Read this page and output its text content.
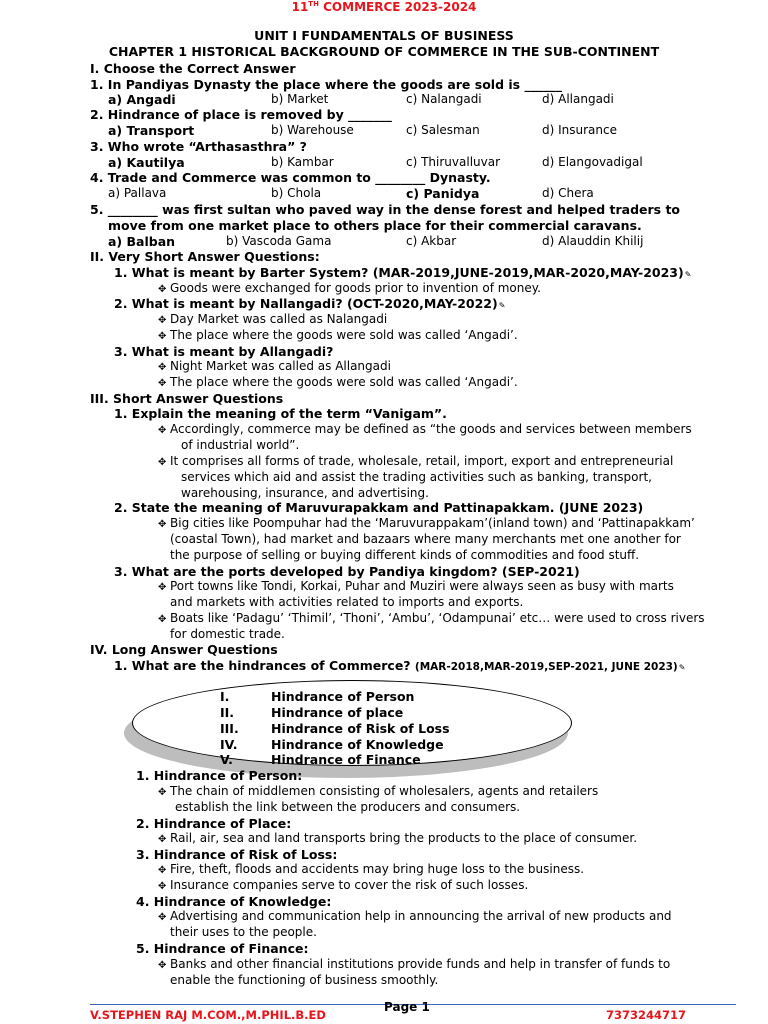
11TH COMMERCE 2023-2024
UNIT I FUNDAMENTALS OF BUSINESS
CHAPTER 1 HISTORICAL BACKGROUND OF COMMERCE IN THE SUB-CONTINENT
I. Choose the Correct Answer
1. In Pandiyas Dynasty the place where the goods are sold is ______
a) Angadi	b) Market	c) Nalangadi	d) Allangadi
2. Hindrance of place is removed by _______
a) Transport	b) Warehouse	c) Salesman	d) Insurance
3. Who wrote “Arthasasthra” ?
a) Kautilya	b) Kambar	c) Thiruvalluvar	d) Elangovadigal
4. Trade and Commerce was common to ________ Dynasty.
a) Pallava	b) Chola	c) Panidya	d) Chera
5. ________ was first sultan who paved way in the dense forest and helped traders to
move from one market place to others place for their commercial caravans.
a) Balban	b) Vascoda Gama	c) Akbar	d) Alauddin Khilij
II. Very Short Answer Questions:
1. What is meant by Barter System? (MAR-2019,JUNE-2019,MAR-2020,MAY-2023)✎
✥ Goods were exchanged for goods prior to invention of money.
2. What is meant by Nallangadi? (OCT-2020,MAY-2022)✎
✥ Day Market was called as Nalangadi
✥ The place where the goods were sold was called ‘Angadi’.
3. What is meant by Allangadi?
✥ Night Market was called as Allangadi
✥ The place where the goods were sold was called ‘Angadi’.
III. Short Answer Questions
1. Explain the meaning of the term “Vanigam”.
✥ Accordingly, commerce may be defined as “the goods and services between members
of industrial world”.
✥ It comprises all forms of trade, wholesale, retail, import, export and entrepreneurial
services which aid and assist the trading activities such as banking, transport,
warehousing, insurance, and advertising.
2. State the meaning of Maruvurapakkam and Pattinapakkam. (JUNE 2023)
✥ Big cities like Poompuhar had the ‘Maruvurappakam’(inland town) and ‘Pattinapakkam’
(coastal Town), had market and bazaars where many merchants met one another for
the purpose of selling or buying different kinds of commodities and food stuff.
3. What are the ports developed by Pandiya kingdom? (SEP-2021)
✥ Port towns like Tondi, Korkai, Puhar and Muziri were always seen as busy with marts
and markets with activities related to imports and exports.
✥ Boats like ‘Padagu’ ‘Thimil’, ‘Thoni’, ‘Ambu’, ‘Odampunai’ etc… were used to cross rivers
for domestic trade.
IV. Long Answer Questions
1. What are the hindrances of Commerce? (MAR-2018,MAR-2019,SEP-2021, JUNE 2023)✎
I.	Hindrance of Person
II.	Hindrance of place
III.	Hindrance of Risk of Loss
IV.	Hindrance of Knowledge
V.	Hindrance of Finance
1. Hindrance of Person:
✥ The chain of middlemen consisting of wholesalers, agents and retailers
establish the link between the producers and consumers.
2. Hindrance of Place:
✥ Rail, air, sea and land transports bring the products to the place of consumer.
3. Hindrance of Risk of Loss:
✥ Fire, theft, floods and accidents may bring huge loss to the business.
✥ Insurance companies serve to cover the risk of such losses.
4. Hindrance of Knowledge:
✥ Advertising and communication help in announcing the arrival of new products and
their uses to the people.
5. Hindrance of Finance:
✥ Banks and other financial institutions provide funds and help in transfer of funds to
enable the functioning of business smoothly.
V.STEPHEN RAJ M.COM.,M.PHIL.B.ED
Page 1
7373244717
